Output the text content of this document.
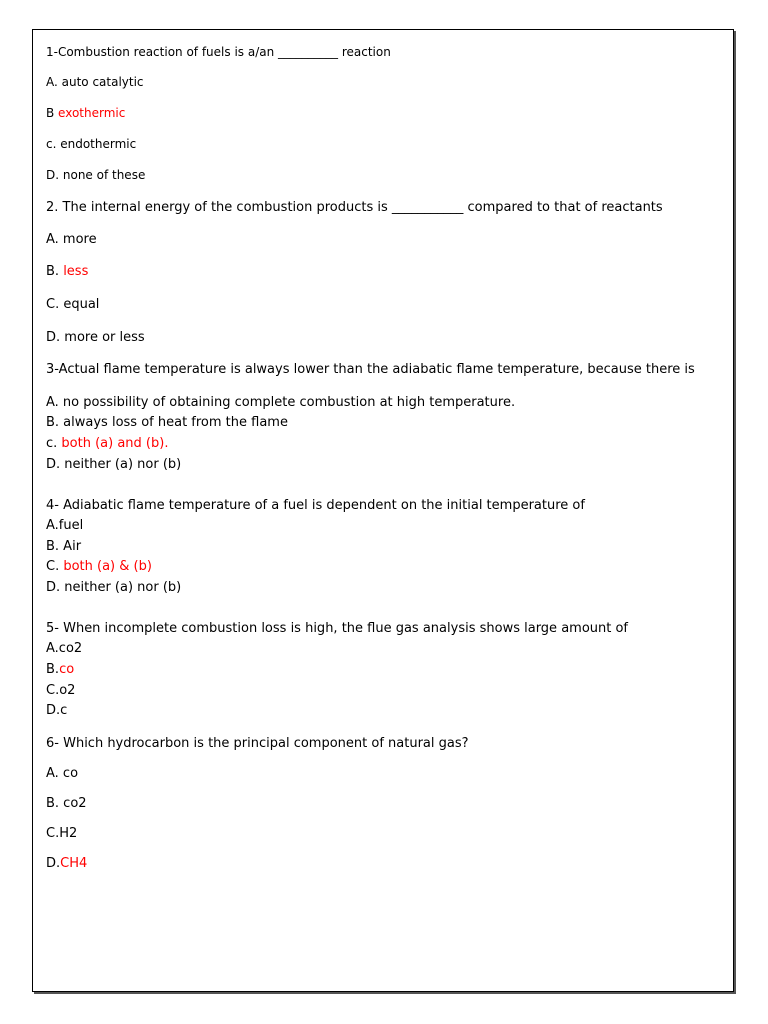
1-Combustion reaction of fuels is a/an __________ reaction
A. auto catalytic
B exothermic
c. endothermic
D. none of these
2. The internal energy of the combustion products is ___________ compared to that of reactants
A. more
B. less
C. equal
D. more or less
3-Actual flame temperature is always lower than the adiabatic flame temperature, because there is
A. no possibility of obtaining complete combustion at high temperature.
B. always loss of heat from the flame
c. both (a) and (b).
D. neither (a) nor (b)
4- Adiabatic flame temperature of a fuel is dependent on the initial temperature of
A.fuel
B. Air
C. both (a) & (b)
D. neither (a) nor (b)
5- When incomplete combustion loss is high, the flue gas analysis shows large amount of
A.co2
B.co
C.o2
D.c
6- Which hydrocarbon is the principal component of natural gas?
A. co
B. co2
C.H2
D.CH4
